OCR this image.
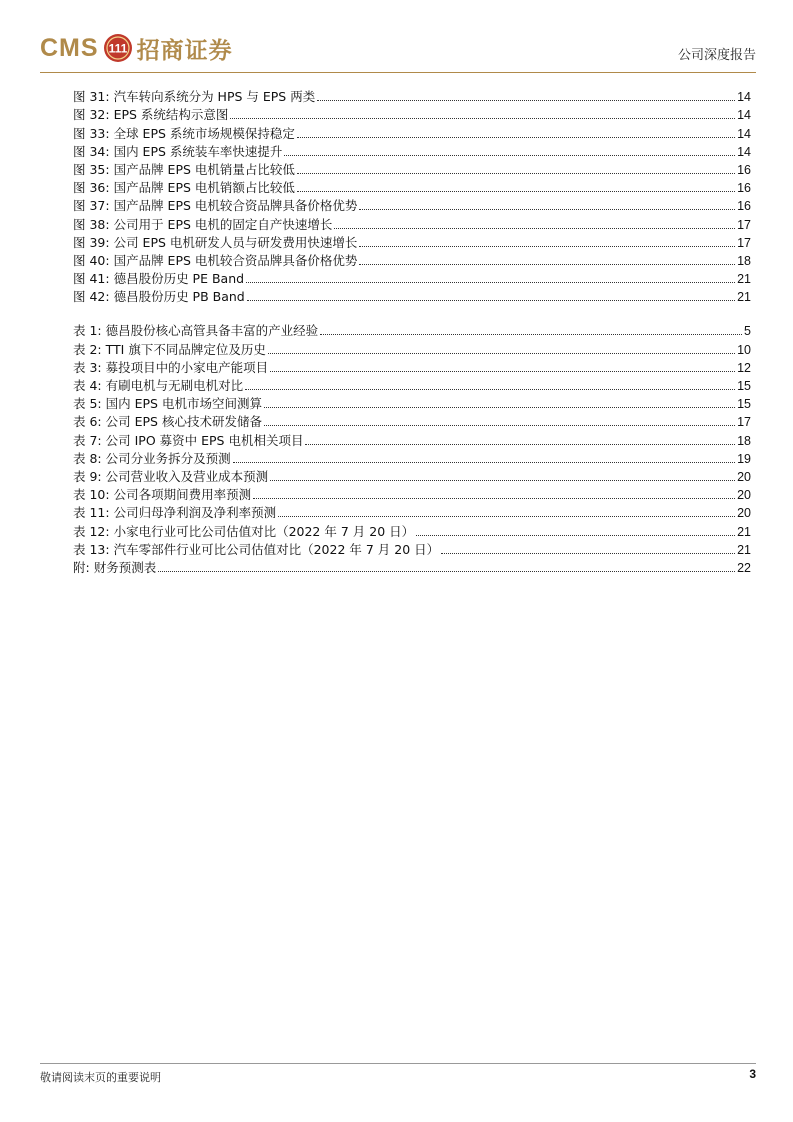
CMS 111 招商证券	公司深度报告
图 31: 汽车转向系统分为 HPS 与 EPS 两类	14
图 32: EPS 系统结构示意图	14
图 33: 全球 EPS 系统市场规模保持稳定	14
图 34: 国内 EPS 系统装车率快速提升	14
图 35: 国产品牌 EPS 电机销量占比较低	16
图 36: 国产品牌 EPS 电机销额占比较低	16
图 37: 国产品牌 EPS 电机较合资品牌具备价格优势	16
图 38: 公司用于 EPS 电机的固定自产快速增长	17
图 39: 公司 EPS 电机研发人员与研发费用快速增长	17
图 40: 国产品牌 EPS 电机较合资品牌具备价格优势	18
图 41: 德昌股份历史 PE Band	21
图 42: 德昌股份历史 PB Band	21
表 1: 德昌股份核心高管具备丰富的产业经验	5
表 2: TTI 旗下不同品牌定位及历史	10
表 3: 募投项目中的小家电产能项目	12
表 4: 有刷电机与无刷电机对比	15
表 5: 国内 EPS 电机市场空间测算	15
表 6: 公司 EPS 核心技术研发储备	17
表 7: 公司 IPO 募资中 EPS 电机相关项目	18
表 8: 公司分业务拆分及预测	19
表 9: 公司营业收入及营业成本预测	20
表 10: 公司各项期间费用率预测	20
表 11: 公司归母净利润及净利率预测	20
表 12: 小家电行业可比公司估值对比（2022 年 7 月 20 日）	21
表 13: 汽车零部件行业可比公司估值对比（2022 年 7 月 20 日）	21
附: 财务预测表	22
敬请阅读末页的重要说明	3
